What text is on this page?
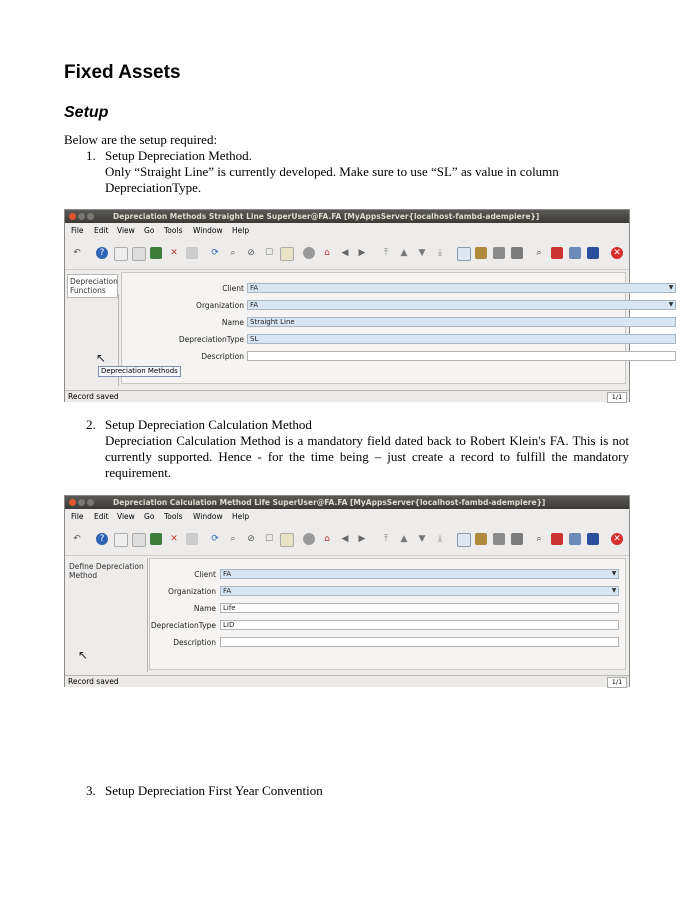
Fixed Assets
Setup
Below are the setup required:
1. Setup Depreciation Method.
Only “Straight Line” is currently developed. Make sure to use “SL” as value in column DepreciationType.
Depreciation Methods Straight Line SuperUser@FA.FA [MyAppsServer{localhost-fambd-adempiere}]
File Edit View Go Tools Window Help
↶	?	✕	⟳	⌕	⊘ ☐	⌂	◀ ▶	⤒	▲ ▼	⤓	⌕	✕
Depreciation Functions	Client FA	▼
Organization FA	▼
Name Straight Line
DepreciationType SL
Description
↖
Depreciation Methods
Record saved	1/1
2. Setup Depreciation Calculation Method
Depreciation Calculation Method is a mandatory field dated back to Robert Klein's FA. This is not currently supported. Hence - for the time being – just create a record to fulfill the mandatory requirement.
Depreciation Calculation Method Life SuperUser@FA.FA [MyAppsServer{localhost-fambd-adempiere}]
File Edit View Go Tools Window Help
↶	?	✕	⟳	⌕	⊘ ☐	⌂	◀ ▶	⤒	▲ ▼	⤓	⌕	✕
Define Depreciation Method	Client	FA	▼
Organization	FA	▼
Name	Life
DepreciationType	LID
Description
↖
Record saved	1/1
3. Setup Depreciation First Year Convention
